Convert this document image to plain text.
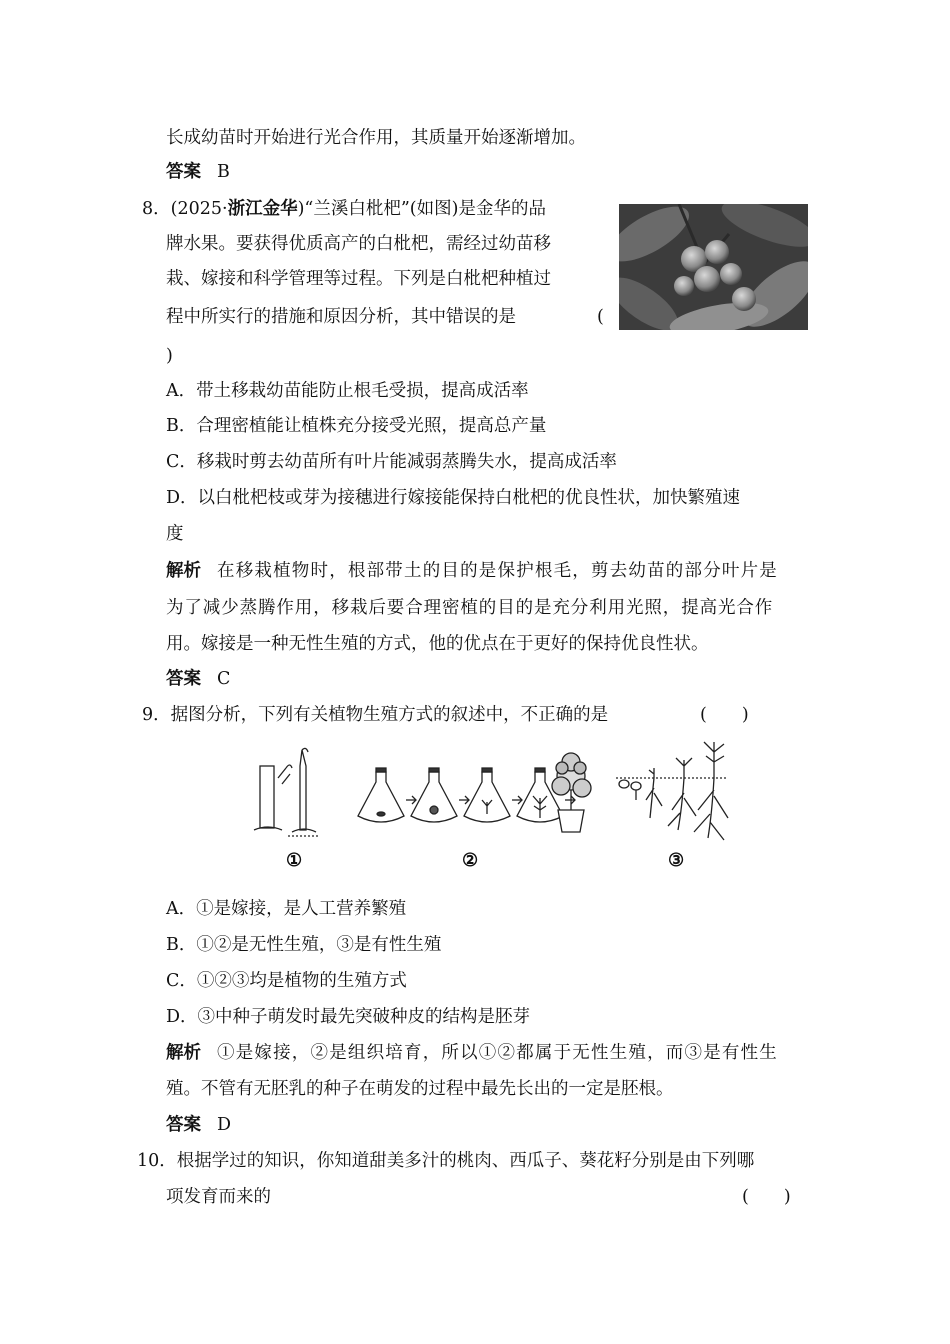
长成幼苗时开始进行光合作用，其质量开始逐渐增加。
答案 B
8．(2025·浙江金华)“兰溪白枇杷”(如图)是金华的品
牌水果。要获得优质高产的白枇杷，需经过幼苗移
栽、嫁接和科学管理等过程。下列是白枇杷种植过
程中所实行的措施和原因分析，其中错误的是	(
)
A．带土移栽幼苗能防止根毛受损，提高成活率
B．合理密植能让植株充分接受光照，提高总产量
C．移栽时剪去幼苗所有叶片能减弱蒸腾失水，提高成活率
D．以白枇杷枝或芽为接穗进行嫁接能保持白枇杷的优良性状，加快繁殖速
度
解析 在移栽植物时，根部带土的目的是保护根毛，剪去幼苗的部分叶片是
为了减少蒸腾作用，移栽后要合理密植的目的是充分利用光照，提高光合作
用。嫁接是一种无性生殖的方式，他的优点在于更好的保持优良性状。
答案 C
9．据图分析，下列有关植物生殖方式的叙述中，不正确的是	(　　)
①	②	③
A．①是嫁接，是人工营养繁殖
B．①②是无性生殖，③是有性生殖
C．①②③均是植物的生殖方式
D．③中种子萌发时最先突破种皮的结构是胚芽
解析 ①是嫁接，②是组织培育，所以①②都属于无性生殖，而③是有性生
殖。不管有无胚乳的种子在萌发的过程中最先长出的一定是胚根。
答案 D
10．根据学过的知识，你知道甜美多汁的桃肉、西瓜子、葵花籽分别是由下列哪
项发育而来的	(　　)
